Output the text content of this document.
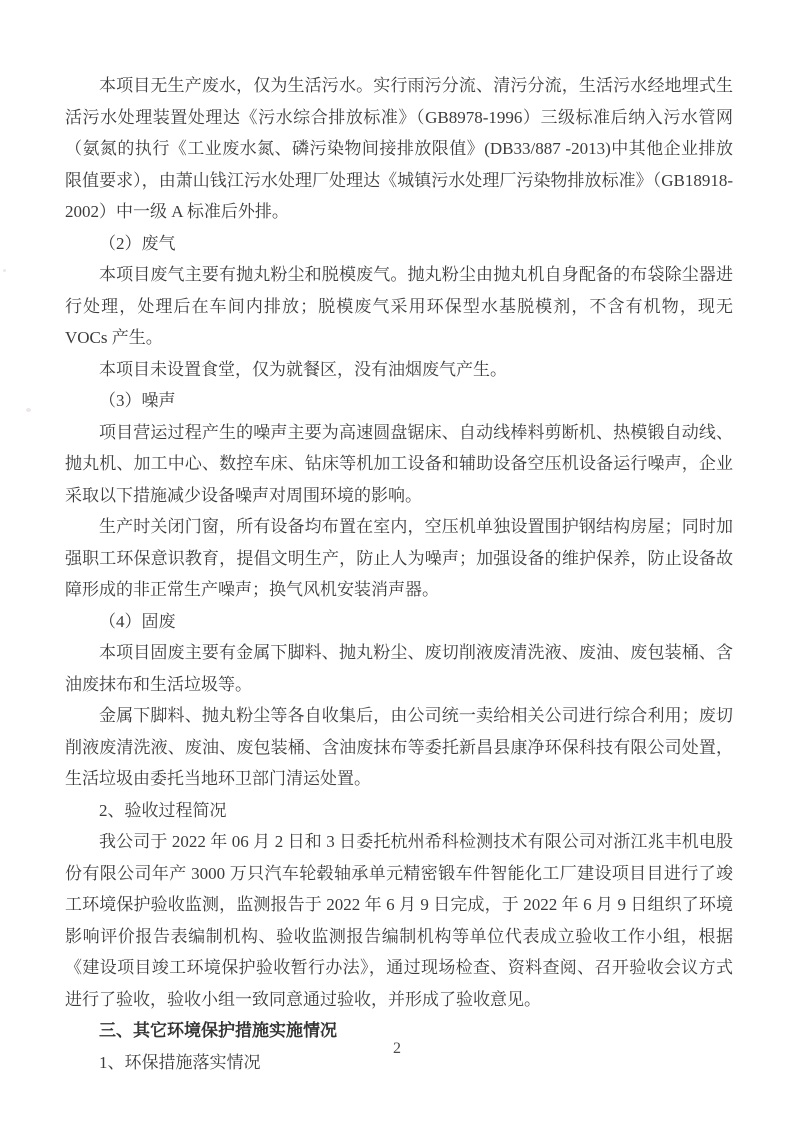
本项目无生产废水，仅为生活污水。实行雨污分流、清污分流，生活污水经地埋式生活污水处理装置处理达《污水综合排放标准》（GB8978-1996）三级标准后纳入污水管网（氨氮的执行《工业废水氮、磷污染物间接排放限值》(DB33/887 -2013)中其他企业排放限值要求），由萧山钱江污水处理厂处理达《城镇污水处理厂污染物排放标准》（GB18918-2002）中一级 A 标准后外排。

（2）废气

本项目废气主要有抛丸粉尘和脱模废气。抛丸粉尘由抛丸机自身配备的布袋除尘器进行处理，处理后在车间内排放；脱模废气采用环保型水基脱模剂，不含有机物，现无 VOCs 产生。

本项目未设置食堂，仅为就餐区，没有油烟废气产生。

（3）噪声

项目营运过程产生的噪声主要为高速圆盘锯床、自动线棒料剪断机、热模锻自动线、抛丸机、加工中心、数控车床、钻床等机加工设备和辅助设备空压机设备运行噪声，企业采取以下措施减少设备噪声对周围环境的影响。

生产时关闭门窗，所有设备均布置在室内，空压机单独设置围护钢结构房屋；同时加强职工环保意识教育，提倡文明生产，防止人为噪声；加强设备的维护保养，防止设备故障形成的非正常生产噪声；换气风机安装消声器。

（4）固废

本项目固废主要有金属下脚料、抛丸粉尘、废切削液废清洗液、废油、废包装桶、含油废抹布和生活垃圾等。

金属下脚料、抛丸粉尘等各自收集后，由公司统一卖给相关公司进行综合利用；废切削液废清洗液、废油、废包装桶、含油废抹布等委托新昌县康净环保科技有限公司处置，生活垃圾由委托当地环卫部门清运处置。

2、验收过程简况

我公司于 2022 年 06 月 2 日和 3 日委托杭州希科检测技术有限公司对浙江兆丰机电股份有限公司年产 3000 万只汽车轮毂轴承单元精密锻车件智能化工厂建设项目目进行了竣工环境保护验收监测，监测报告于 2022 年 6 月 9 日完成，于 2022 年 6 月 9 日组织了环境影响评价报告表编制机构、验收监测报告编制机构等单位代表成立验收工作小组，根据《建设项目竣工环境保护验收暂行办法》，通过现场检查、资料查阅、召开验收会议方式进行了验收，验收小组一致同意通过验收，并形成了验收意见。

三、其它环境保护措施实施情况

1、环保措施落实情况

2
